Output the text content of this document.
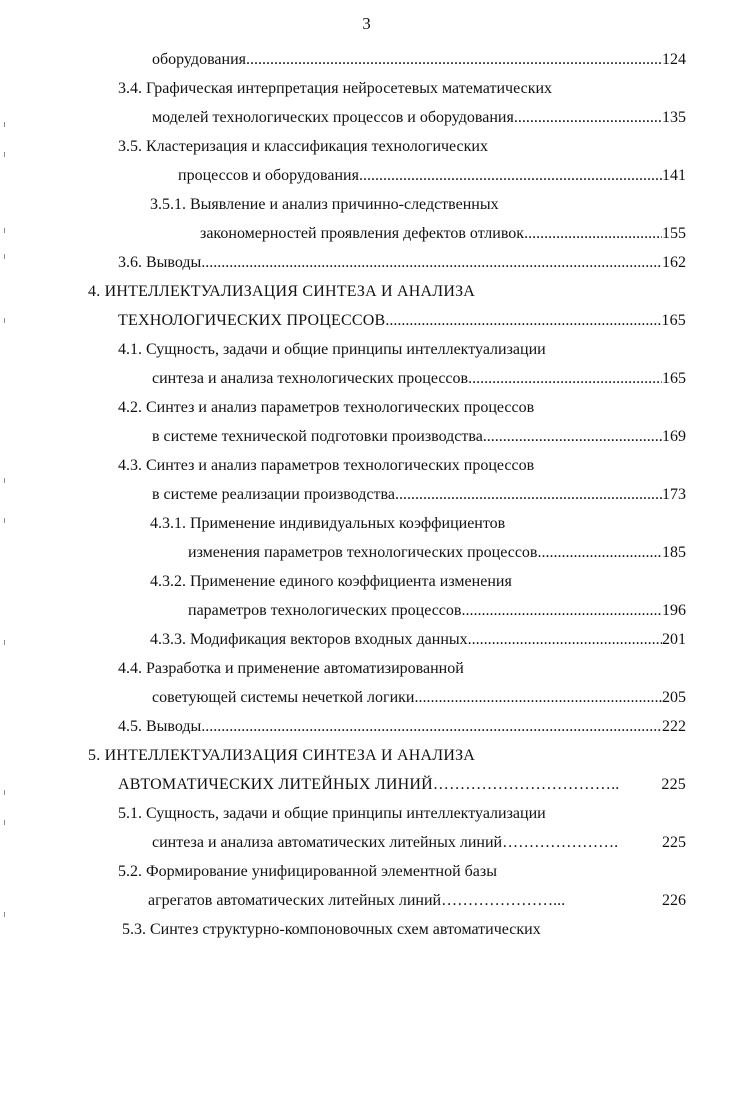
3
оборудования .....	124
3.4. Графическая интерпретация нейросетевых математических
моделей технологических процессов и оборудования .....	135
3.5. Кластеризация и классификация технологических
процессов и оборудования .....	141
3.5.1. Выявление и анализ причинно-следственных
закономерностей проявления дефектов отливок .....	155
3.6. Выводы .....	162
4. ИНТЕЛЛЕКТУАЛИЗАЦИЯ СИНТЕЗА И АНАЛИЗА
ТЕХНОЛОГИЧЕСКИХ ПРОЦЕССОВ .....	165
4.1. Сущность, задачи и общие принципы интеллектуализации
синтеза и анализа технологических процессов .....	165
4.2. Синтез и анализ параметров технологических процессов
в системе технической подготовки производства .....	169
4.3. Синтез и анализ параметров технологических процессов
в системе реализации производства .....	173
4.3.1. Применение индивидуальных коэффициентов
изменения параметров технологических процессов .....	185
4.3.2. Применение единого коэффициента изменения
параметров технологических процессов .....	196
4.3.3. Модификация векторов входных данных .....	201
4.4. Разработка и применение автоматизированной
советующей системы нечеткой логики .....	205
4.5. Выводы .....	222
5. ИНТЕЛЛЕКТУАЛИЗАЦИЯ СИНТЕЗА И АНАЛИЗА
АВТОМАТИЧЕСКИХ ЛИТЕЙНЫХ ЛИНИЙ ……………………………..	225
5.1. Сущность, задачи и общие принципы интеллектуализации
синтеза и анализа автоматических литейных линий ………………….	225
5.2. Формирование унифицированной элементной базы
агрегатов автоматических литейных линий …………………...	226
5.3. Синтез структурно-компоновочных схем автоматических
